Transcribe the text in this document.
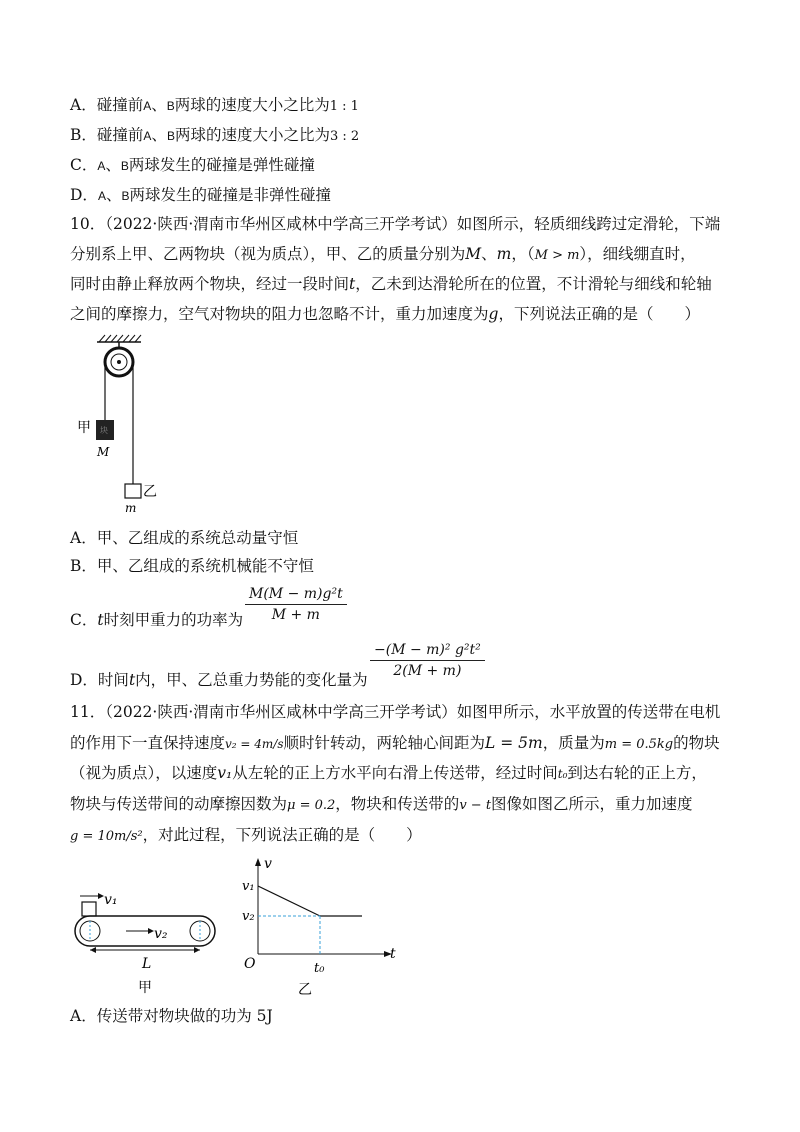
A．碰撞前A、B两球的速度大小之比为1 : 1
B．碰撞前A、B两球的速度大小之比为3 : 2
C．A、B两球发生的碰撞是弹性碰撞
D．A、B两球发生的碰撞是非弹性碰撞
10．（2022·陕西·渭南市华州区咸林中学高三开学考试）如图所示，轻质细线跨过定滑轮，下端
分别系上甲、乙两物块（视为质点），甲、乙的质量分别为M、m，（M > m），细线绷直时，
同时由静止释放两个物块，经过一段时间t，乙未到达滑轮所在的位置，不计滑轮与细线和轮轴
之间的摩擦力，空气对物块的阻力也忽略不计，重力加速度为g，下列说法正确的是（　　）
块
甲
M
乙
m
A．甲、乙组成的系统总动量守恒
B．甲、乙组成的系统机械能不守恒
C．t时刻甲重力的功率为 $\frac{\text{M(M − m)g²t}}{M + m}$
D．时间t内，甲、乙总重力势能的变化量为
$\frac{\text{−(M − m)² g²t²}}{2(M + m)}$
11．（2022·陕西·渭南市华州区咸林中学高三开学考试）如图甲所示，水平放置的传送带在电机
的作用下一直保持速度v₂ = 4m/s顺时针转动，两轮轴心间距为L = 5m，质量为m = 0.5kg的物块
（视为质点），以速度v₁从左轮的正上方水平向右滑上传送带，经过时间t₀到达右轮的正上方，
物块与传送带间的动摩擦因数为μ = 0.2，物块和传送带的v − t图像如图乙所示，重力加速度
g = 10m/s²，对此过程，下列说法正确的是（　　）
v₁
v₂
L
甲
v
t
O
v₁
v₂
t₀
乙
A．传送带对物块做的功为 5J
